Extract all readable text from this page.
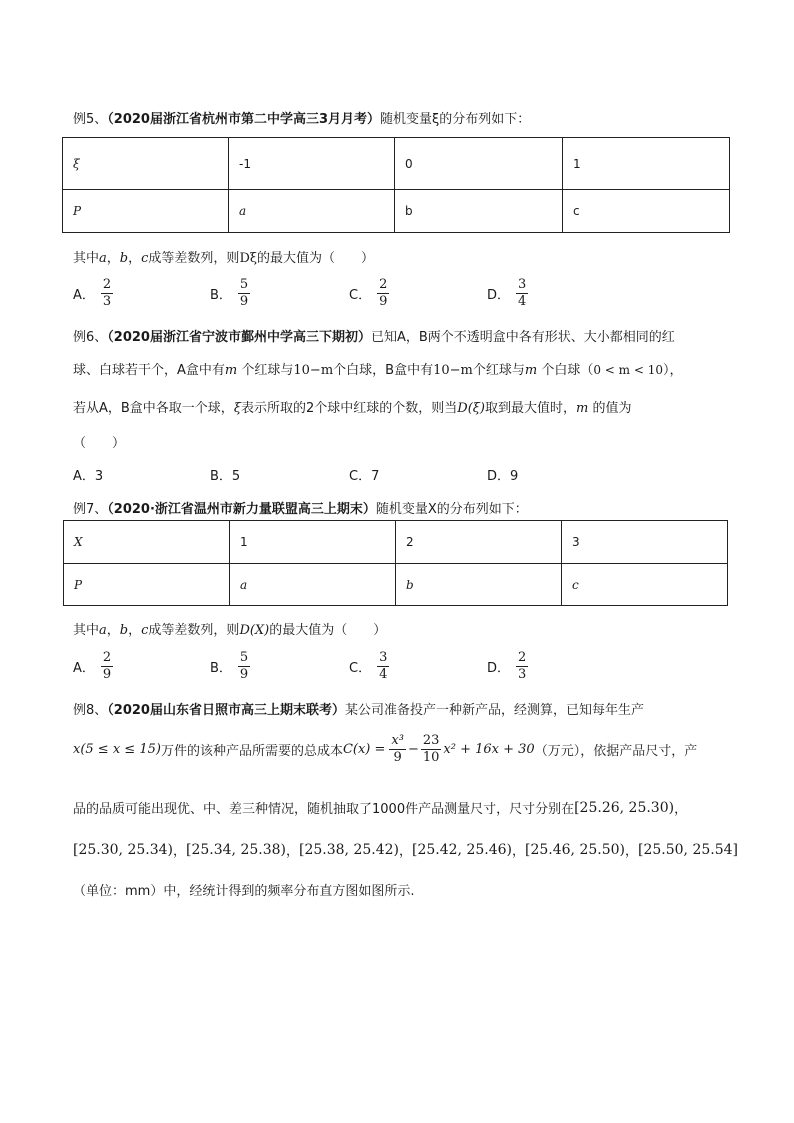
例5、（2020届浙江省杭州市第二中学高三3月月考）随机变量ξ的分布列如下：
ξ	-1	0	1
P	a	b	c
其中a，b，c成等差数列，则Dξ的最大值为（　　）
A． $\frac{2}{3}$	B． $\frac{5}{9}$	C． $\frac{2}{9}$	D． $\frac{3}{4}$
例6、（2020届浙江省宁波市鄞州中学高三下期初）已知A，B两个不透明盒中各有形状、大小都相同的红
球、白球若干个，A盒中有m 个红球与10−m个白球，B盒中有10−m个红球与m 个白球（0 < m < 10），
若从A，B盒中各取一个球，ξ表示所取的2个球中红球的个数，则当D(ξ)取到最大值时，m 的值为
（　　）
A．3	B．5	C．7	D．9
例7、（2020·浙江省温州市新力量联盟高三上期末）随机变量X的分布列如下：
X	1	2	3
P	a	b	c
其中a，b，c成等差数列，则D(X)的最大值为（　　）
A． $\frac{2}{9}$	B． $\frac{5}{9}$	C． $\frac{3}{4}$	D． $\frac{2}{3}$
例8、（2020届山东省日照市高三上期末联考）某公司准备投产一种新产品，经测算，已知每年生产
x(5 ≤ x ≤ 15) 万件的该种产品所需要的总成本 $C(x) = \frac{\text{x³}}{9} - \frac{23}{10} x^2 + 16x + 30$ （万元），依据产品尺寸，产
品的品质可能出现优、中、差三种情况，随机抽取了1000件产品测量尺寸，尺寸分别在 [25.26, 25.30) ，
[25.30, 25.34) ， [25.34, 25.38) ， [25.38, 25.42) ， [25.42, 25.46) ， [25.46, 25.50) ， [25.50, 25.54]
（单位：mm）中，经统计得到的频率分布直方图如图所示.
